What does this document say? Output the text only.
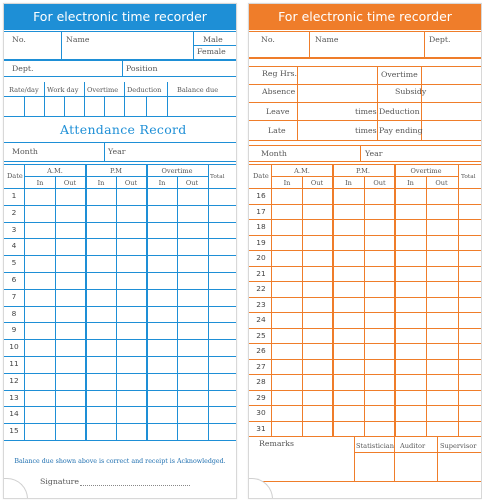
For electronic time recorder
No.	Name	Male
Female
Dept.	Position
Rate/day Work day Overtime Deduction Balance due
Attendance Record
Month	Year
Date
A.M.	P.M	Overtime
Total
In	Out	In	Out	In	Out
1
2
3
4
5
6
7
8
9
10
11
12
13
14
15
Balance due shown above is correct and receipt is Acknowledged.
Signature
For electronic time recorder
No.	Name	Dept.
Reg Hrs.	Overtime
Absence	Subsidy
Leave	times Deduction
Late	times Pay ending
Month	Year
Date
A.M.	P.M.	Overtime
Total
In	Out	In	Out	In	Out
16
17
18
19
20
21
22
23
24
25
26
27
28
29
30
31
Remarks	Statistician Auditor Supervisor
